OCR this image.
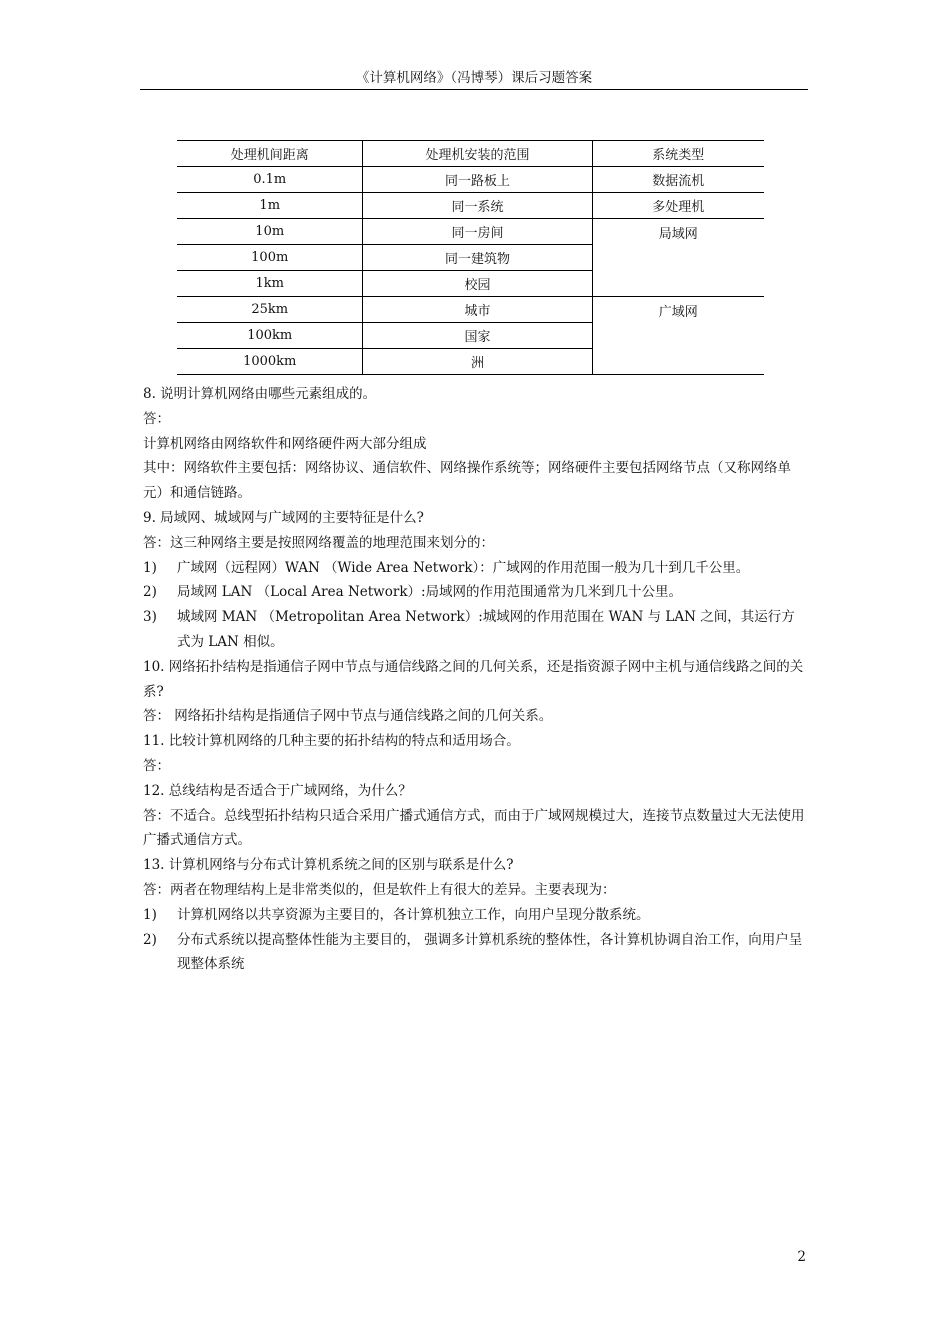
《计算机网络》（冯博琴）课后习题答案
处理机间距离	处理机安装的范围	系统类型
0.1m	同一路板上	数据流机
1m	同一系统	多处理机
10m	同一房间	局域网
100m	同一建筑物	
1km	校园	
25km	城市	广域网
100km	国家	
1000km	洲	

8. 说明计算机网络由哪些元素组成的。

答：

计算机网络由网络软件和网络硬件两大部分组成

其中：网络软件主要包括：网络协议、通信软件、网络操作系统等；网络硬件主要包括网络节点（又称网络单元）和通信链路。

9. 局域网、城域网与广域网的主要特征是什么?

答：这三种网络主要是按照网络覆盖的地理范围来划分的：

1)	广域网（远程网）WAN （Wide Area Network）：广域网的作用范围一般为几十到几千公里。
2)	局域网 LAN （Local Area Network）:局域网的作用范围通常为几米到几十公里。
3)	城域网 MAN （Metropolitan Area Network）:城域网的作用范围在 WAN 与 LAN 之间，其运行方式为 LAN 相似。

10. 网络拓扑结构是指通信子网中节点与通信线路之间的几何关系，还是指资源子网中主机与通信线路之间的关系?

答： 网络拓扑结构是指通信子网中节点与通信线路之间的几何关系。

11. 比较计算机网络的几种主要的拓扑结构的特点和适用场合。

答：

12. 总线结构是否适合于广域网络，为什么？

答：不适合。总线型拓扑结构只适合采用广播式通信方式，而由于广域网规模过大，连接节点数量过大无法使用广播式通信方式。

13. 计算机网络与分布式计算机系统之间的区别与联系是什么?

答：两者在物理结构上是非常类似的，但是软件上有很大的差异。主要表现为：

1)	计算机网络以共享资源为主要目的，各计算机独立工作，向用户呈现分散系统。
2)	分布式系统以提高整体性能为主要目的， 强调多计算机系统的整体性，各计算机协调自治工作，向用户呈现整体系统
2
